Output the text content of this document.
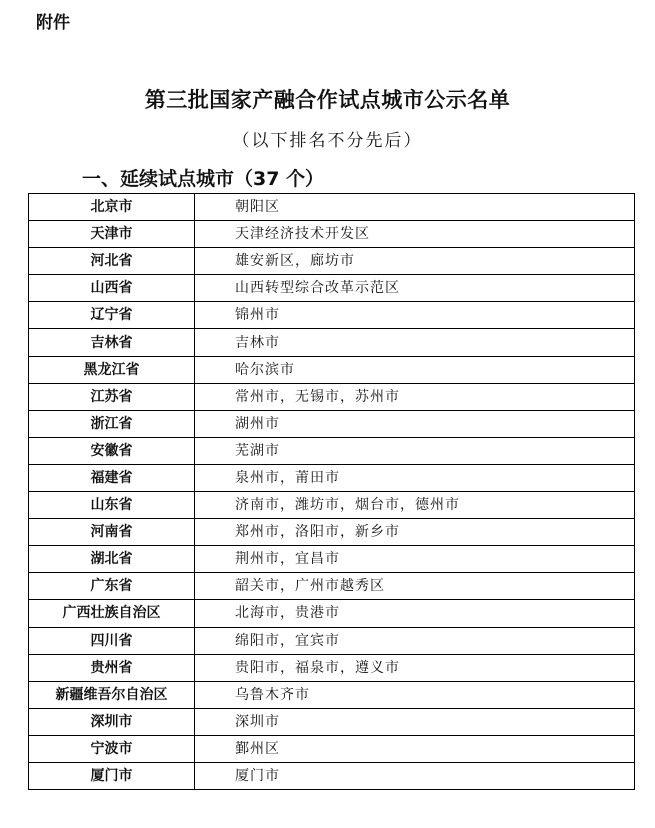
附件
第三批国家产融合作试点城市公示名单
（以下排名不分先后）
一、延续试点城市（37 个）
北京市	朝阳区
天津市	天津经济技术开发区
河北省	雄安新区，廊坊市
山西省	山西转型综合改革示范区
辽宁省	锦州市
吉林省	吉林市
黑龙江省	哈尔滨市
江苏省	常州市，无锡市，苏州市
浙江省	湖州市
安徽省	芜湖市
福建省	泉州市，莆田市
山东省	济南市，潍坊市，烟台市，德州市
河南省	郑州市，洛阳市，新乡市
湖北省	荆州市，宜昌市
广东省	韶关市，广州市越秀区
广西壮族自治区	北海市，贵港市
四川省	绵阳市，宜宾市
贵州省	贵阳市，福泉市，遵义市
新疆维吾尔自治区	乌鲁木齐市
深圳市	深圳市
宁波市	鄞州区
厦门市	厦门市
